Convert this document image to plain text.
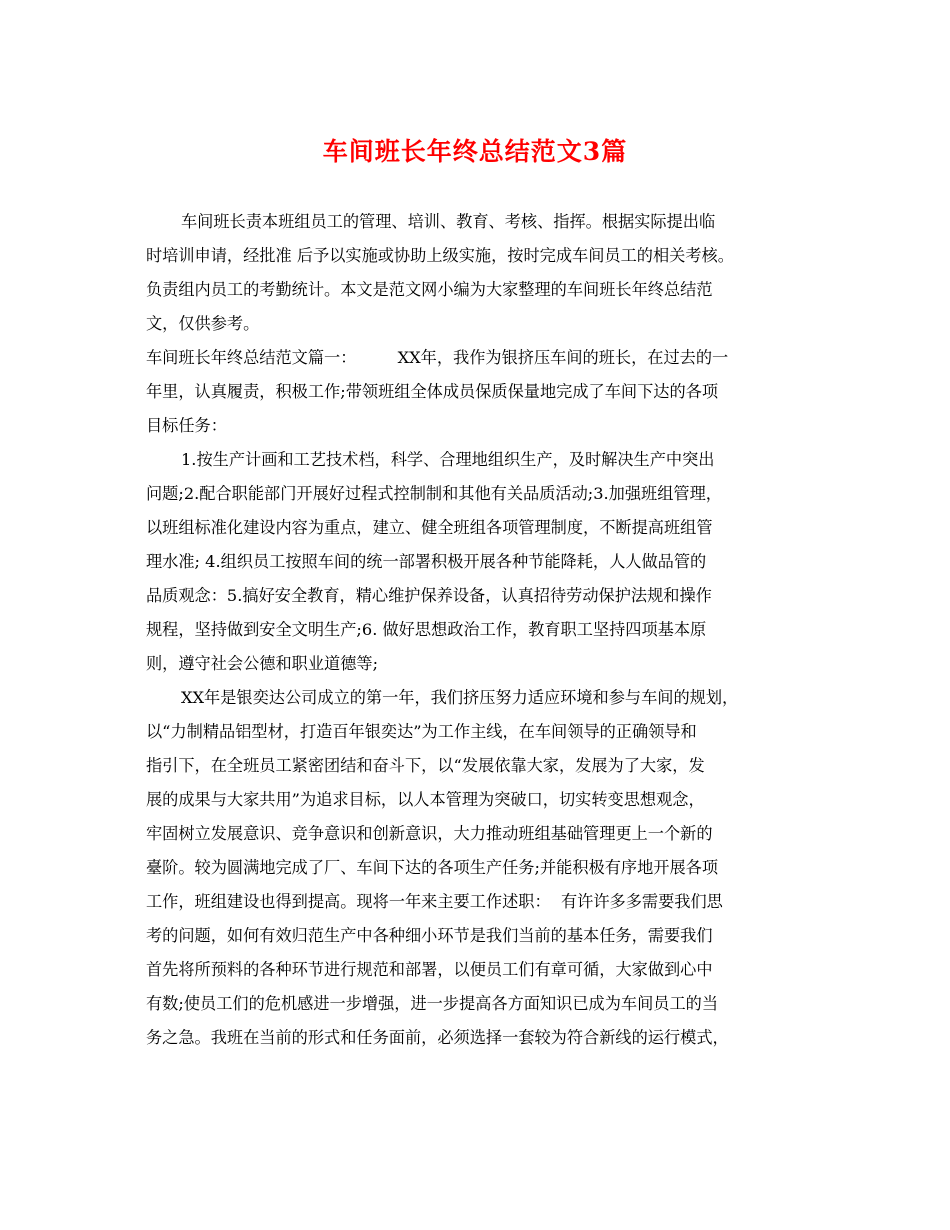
车间班长年终总结范文3篇
车间班长责本班组员工的管理、培训、教育、考核、指挥。根据实际提出临
时培训申请，经批准 后予以实施或协助上级实施，按时完成车间员工的相关考核。
负责组内员工的考勤统计。本文是范文网小编为大家整理的车间班长年终总结范
文，仅供参考。
车间班长年终总结范文篇一：        XX年，我作为银挤压车间的班长，在过去的一
年里，认真履责，积极工作;带领班组全体成员保质保量地完成了车间下达的各项
目标任务：
1.按生产计画和工艺技术档，科学、合理地组织生产，及时解决生产中突出
问题;2.配合职能部门开展好过程式控制制和其他有关品质活动;3.加强班组管理，
以班组标准化建设内容为重点，建立、健全班组各项管理制度，不断提高班组管
理水准; 4.组织员工按照车间的统一部署积极开展各种节能降耗，人人做品管的
品质观念：5.搞好安全教育，精心维护保养设备，认真招待劳动保护法规和操作
规程，坚持做到安全文明生产;6. 做好思想政治工作，教育职工坚持四项基本原
则，遵守社会公德和职业道德等;
XX年是银奕达公司成立的第一年，我们挤压努力适应环境和参与车间的规划，
以“力制精品铝型材，打造百年银奕达”为工作主线，在车间领导的正确领导和
指引下，在全班员工紧密团结和奋斗下，以“发展依靠大家，发展为了大家，发
展的成果与大家共用”为追求目标，以人本管理为突破口，切实转变思想观念，
牢固树立发展意识、竞争意识和创新意识，大力推动班组基础管理更上一个新的
臺阶。较为圆满地完成了厂、车间下达的各项生产任务;并能积极有序地开展各项
工作，班组建设也得到提高。现将一年来主要工作述职：  有许许多多需要我们思
考的问题，如何有效归范生产中各种细小环节是我们当前的基本任务，需要我们
首先将所预料的各种环节进行规范和部署，以便员工们有章可循，大家做到心中
有数;使员工们的危机感进一步增强，进一步提高各方面知识已成为车间员工的当
务之急。我班在当前的形式和任务面前，必须选择一套较为符合新线的运行模式，
